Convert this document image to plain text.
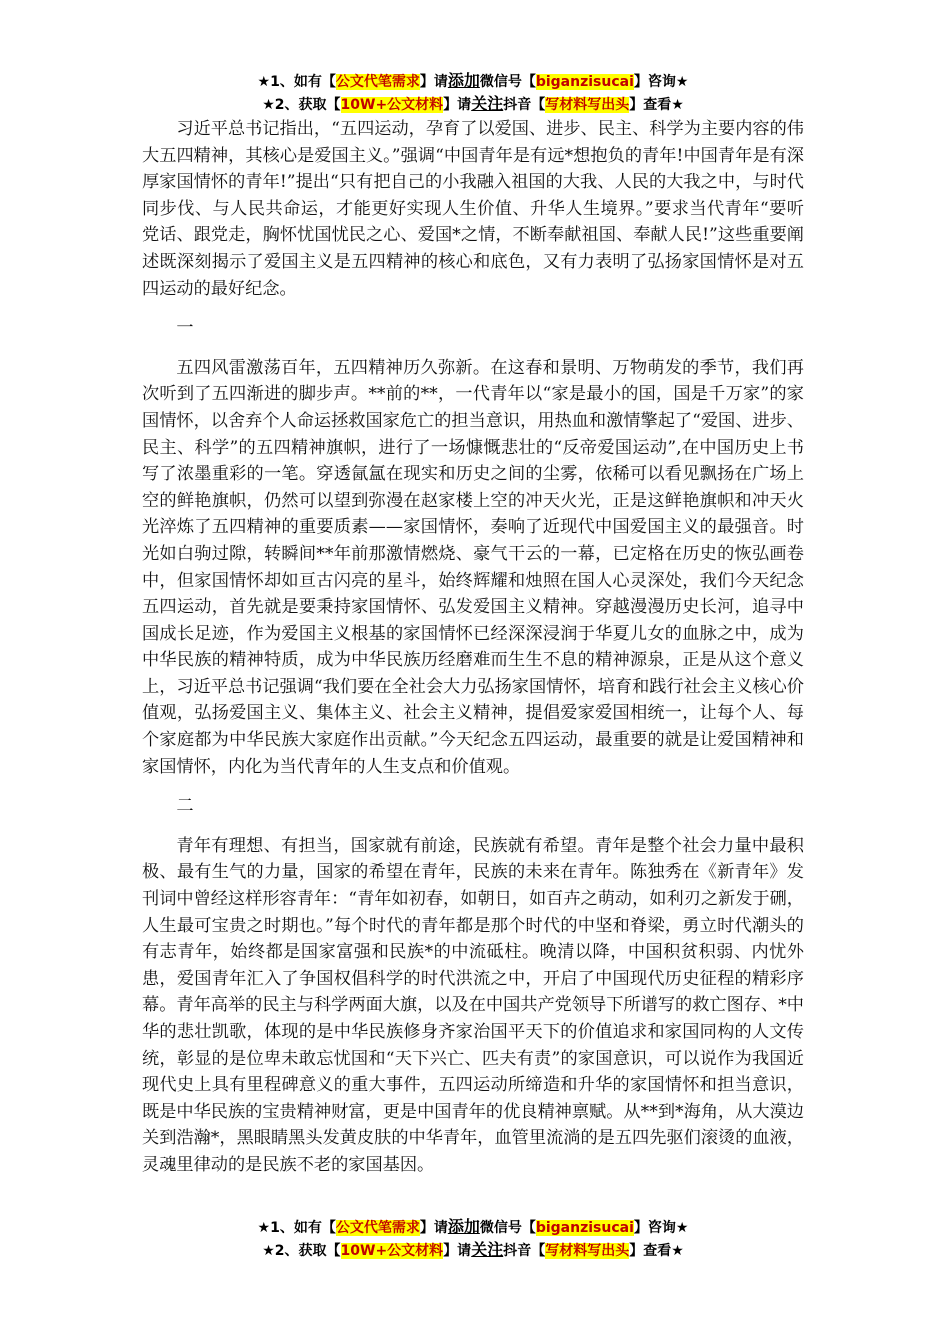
★1、如有【公文代笔需求】请添加微信号【biganzisucai】咨询★
★2、获取【10W+公文材料】请关注抖音【写材料写出头】查看★

习近平总书记指出，“五四运动，孕育了以爱国、进步、民主、科学为主要内容的伟大五四精神，其核心是爱国主义。”强调“中国青年是有远*想抱负的青年!中国青年是有深厚家国情怀的青年!”提出“只有把自己的小我融入祖国的大我、人民的大我之中，与时代同步伐、与人民共命运，才能更好实现人生价值、升华人生境界。”要求当代青年“要听党话、跟党走，胸怀忧国忧民之心、爱国*之情，不断奉献祖国、奉献人民!”这些重要阐述既深刻揭示了爱国主义是五四精神的核心和底色，又有力表明了弘扬家国情怀是对五四运动的最好纪念。

一

五四风雷激荡百年，五四精神历久弥新。在这春和景明、万物萌发的季节，我们再次听到了五四渐进的脚步声。**前的**，一代青年以“家是最小的国，国是千万家”的家国情怀，以舍弃个人命运拯救国家危亡的担当意识，用热血和激情擎起了“爱国、进步、民主、科学”的五四精神旗帜，进行了一场慷慨悲壮的“反帝爱国运动”,在中国历史上书写了浓墨重彩的一笔。穿透氤氲在现实和历史之间的尘雾，依稀可以看见飘扬在广场上空的鲜艳旗帜，仍然可以望到弥漫在赵家楼上空的冲天火光，正是这鲜艳旗帜和冲天火光淬炼了五四精神的重要质素——家国情怀，奏响了近现代中国爱国主义的最强音。时光如白驹过隙，转瞬间**年前那激情燃烧、豪气干云的一幕，已定格在历史的恢弘画卷中，但家国情怀却如亘古闪亮的星斗，始终辉耀和烛照在国人心灵深处，我们今天纪念五四运动，首先就是要秉持家国情怀、弘发爱国主义精神。穿越漫漫历史长河，追寻中国成长足迹，作为爱国主义根基的家国情怀已经深深浸润于华夏儿女的血脉之中，成为中华民族的精神特质，成为中华民族历经磨难而生生不息的精神源泉，正是从这个意义上，习近平总书记强调“我们要在全社会大力弘扬家国情怀，培育和践行社会主义核心价值观，弘扬爱国主义、集体主义、社会主义精神，提倡爱家爱国相统一，让每个人、每个家庭都为中华民族大家庭作出贡献。”今天纪念五四运动，最重要的就是让爱国精神和家国情怀，内化为当代青年的人生支点和价值观。

二

青年有理想、有担当，国家就有前途，民族就有希望。青年是整个社会力量中最积极、最有生气的力量，国家的希望在青年，民族的未来在青年。陈独秀在《新青年》发刊词中曾经这样形容青年：“青年如初春，如朝日，如百卉之萌动，如利刃之新发于硎，人生最可宝贵之时期也。”每个时代的青年都是那个时代的中坚和脊梁，勇立时代潮头的有志青年，始终都是国家富强和民族*的中流砥柱。晚清以降，中国积贫积弱、内忧外患，爱国青年汇入了争国权倡科学的时代洪流之中，开启了中国现代历史征程的精彩序幕。青年高举的民主与科学两面大旗，以及在中国共产党领导下所谱写的救亡图存、*中华的悲壮凯歌，体现的是中华民族修身齐家治国平天下的价值追求和家国同构的人文传统，彰显的是位卑未敢忘忧国和“天下兴亡、匹夫有责”的家国意识，可以说作为我国近现代史上具有里程碑意义的重大事件，五四运动所缔造和升华的家国情怀和担当意识，既是中华民族的宝贵精神财富，更是中国青年的优良精神禀赋。从**到*海角，从大漠边关到浩瀚*，黑眼睛黑头发黄皮肤的中华青年，血管里流淌的是五四先驱们滚烫的血液，灵魂里律动的是民族不老的家国基因。

★1、如有【公文代笔需求】请添加微信号【biganzisucai】咨询★
★2、获取【10W+公文材料】请关注抖音【写材料写出头】查看★
